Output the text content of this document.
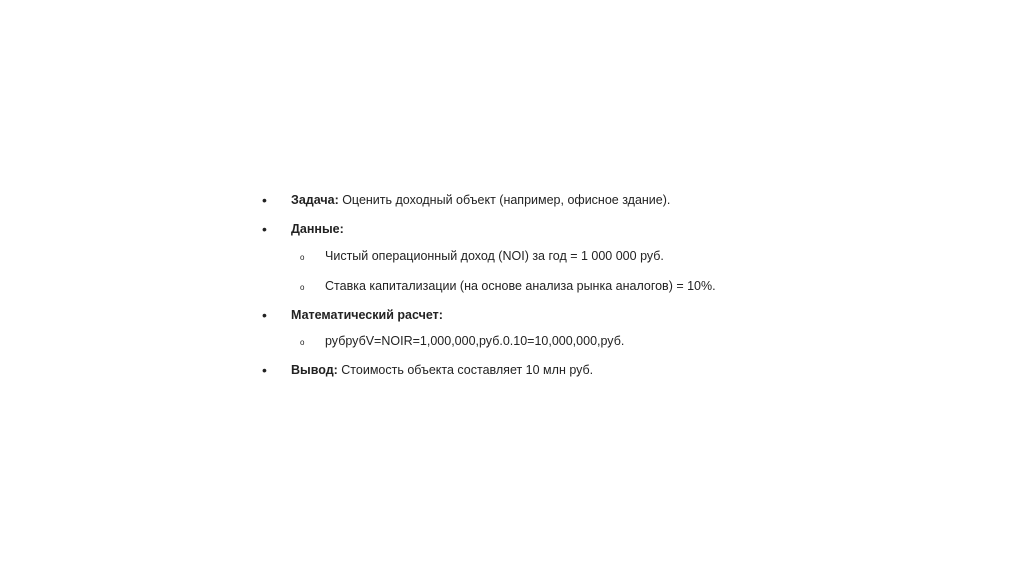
•	Задача: Оценить доходный объект (например, офисное здание).
•	Данные:
o Чистый операционный доход (NOI) за год = 1 000 000 руб.
o Ставка капитализации (на основе анализа рынка аналогов) = 10%.
•	Математический расчет:
o рубрубV=NOIR=1,000,000,руб.0.10=10,000,000,руб.
•	Вывод: Стоимость объекта составляет 10 млн руб.
